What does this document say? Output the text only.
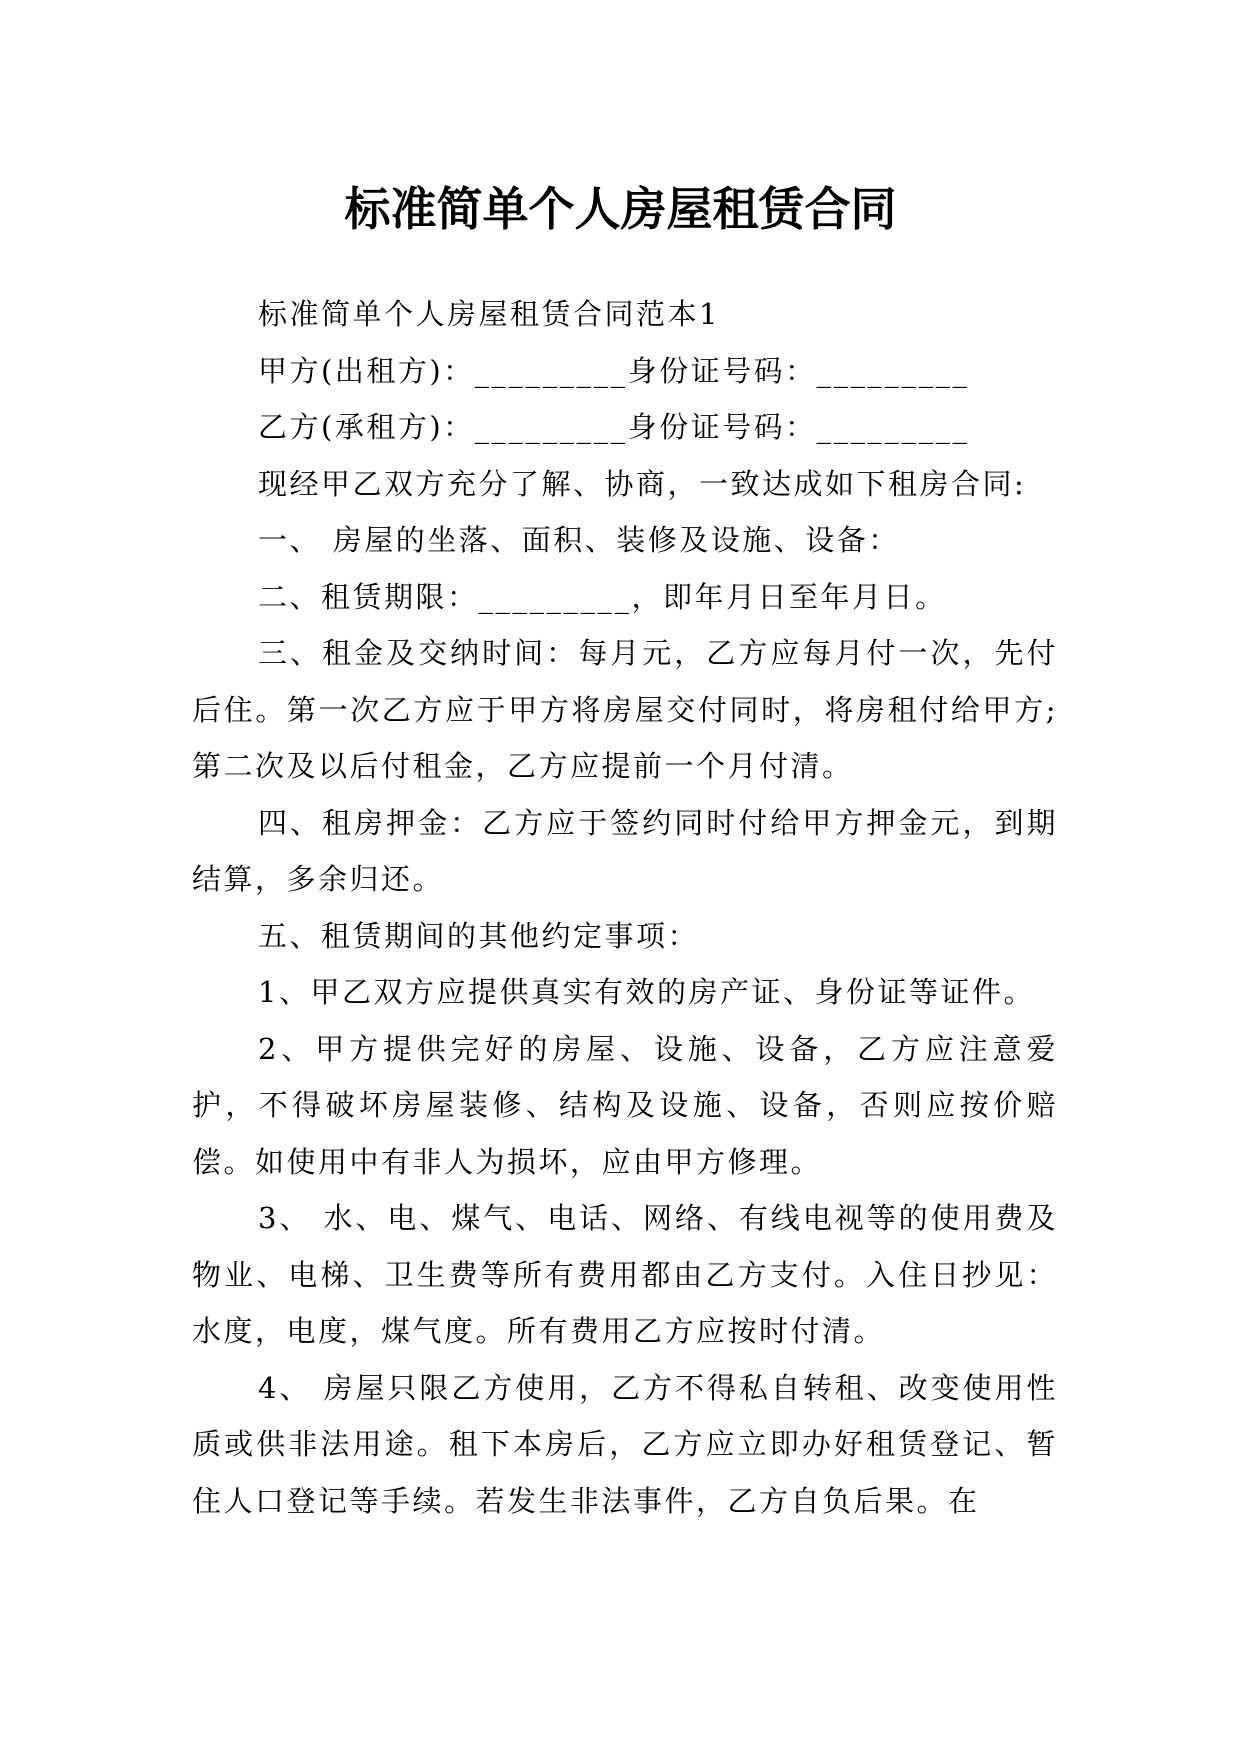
标准简单个人房屋租赁合同

标准简单个人房屋租赁合同范本1

甲方(出租方)：_________身份证号码：_________

乙方(承租方)：_________身份证号码：_________

现经甲乙双方充分了解、协商，一致达成如下租房合同:

一、 房屋的坐落、面积、装修及设施、设备：

二、租赁期限：_________，即年月日至年月日。

三、租金及交纳时间：每月元，乙方应每月付一次，先付后住。第一次乙方应于甲方将房屋交付同时，将房租付给甲方;第二次及以后付租金，乙方应提前一个月付清。

四、租房押金：乙方应于签约同时付给甲方押金元，到期结算，多余归还。

五、租赁期间的其他约定事项：

1、甲乙双方应提供真实有效的房产证、身份证等证件。

2、甲方提供完好的房屋、设施、设备，乙方应注意爱护，不得破坏房屋装修、结构及设施、设备，否则应按价赔偿。如使用中有非人为损坏，应由甲方修理。

3、 水、电、煤气、电话、网络、有线电视等的使用费及物业、电梯、卫生费等所有费用都由乙方支付。入住日抄见：水度，电度，煤气度。所有费用乙方应按时付清。

4、 房屋只限乙方使用，乙方不得私自转租、改变使用性质或供非法用途。租下本房后，乙方应立即办好租赁登记、暂住人口登记等手续。若发生非法事件，乙方自负后果。在
